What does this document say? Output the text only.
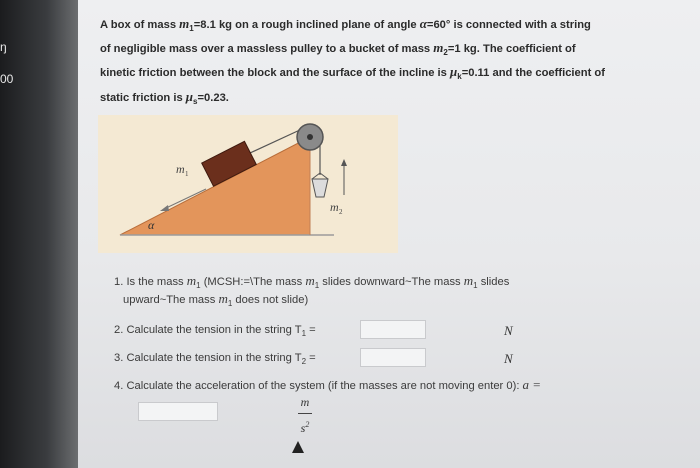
ŋ
00
A box of mass $m_1=8.1$ kg on a rough inclined plane of angle α=60° is connected with a string
of negligible mass over a massless pulley to a bucket of mass $m_2=1$ kg. The coefficient of
kinetic friction between the block and the surface of the incline is $\mu_k=0.11$ and the coefficient of
static friction is $\mu_s=0.23$.
m 1
m 2
α
1. Is the mass $m_1$ (MCSH:=\The mass $m_1$ slides downward~The mass $m_1$ slides
upward~The mass $m_1$ does not slide)
2. Calculate the tension in the string $T_1$ =	N
3. Calculate the tension in the string $T_2$ =	N
4. Calculate the acceleration of the system (if the masses are not moving enter 0): a =
m
$s^2$
